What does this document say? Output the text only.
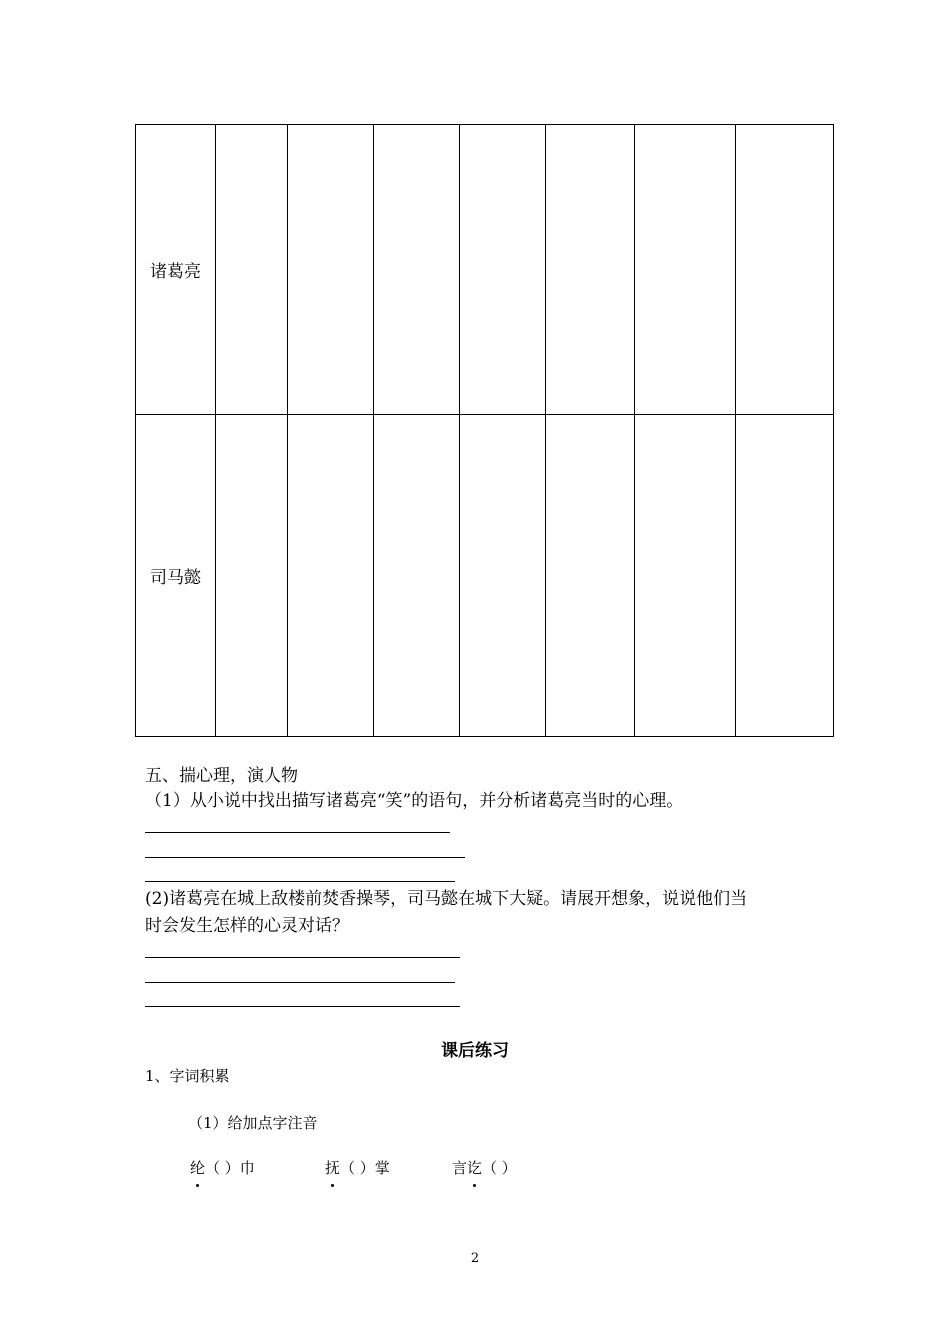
诸葛亮							
司马懿							
五、揣心理，演人物
（1）从小说中找出描写诸葛亮“笑”的语句，并分析诸葛亮当时的心理。
(2)诸葛亮在城上敌楼前焚香操琴，司马懿在城下大疑。请展开想象，说说他们当
时会发生怎样的心灵对话？
课后练习
1、字词积累
（1）给加点字注音
纶（ ）巾	抚（ ）掌	言讫（ ）
2
